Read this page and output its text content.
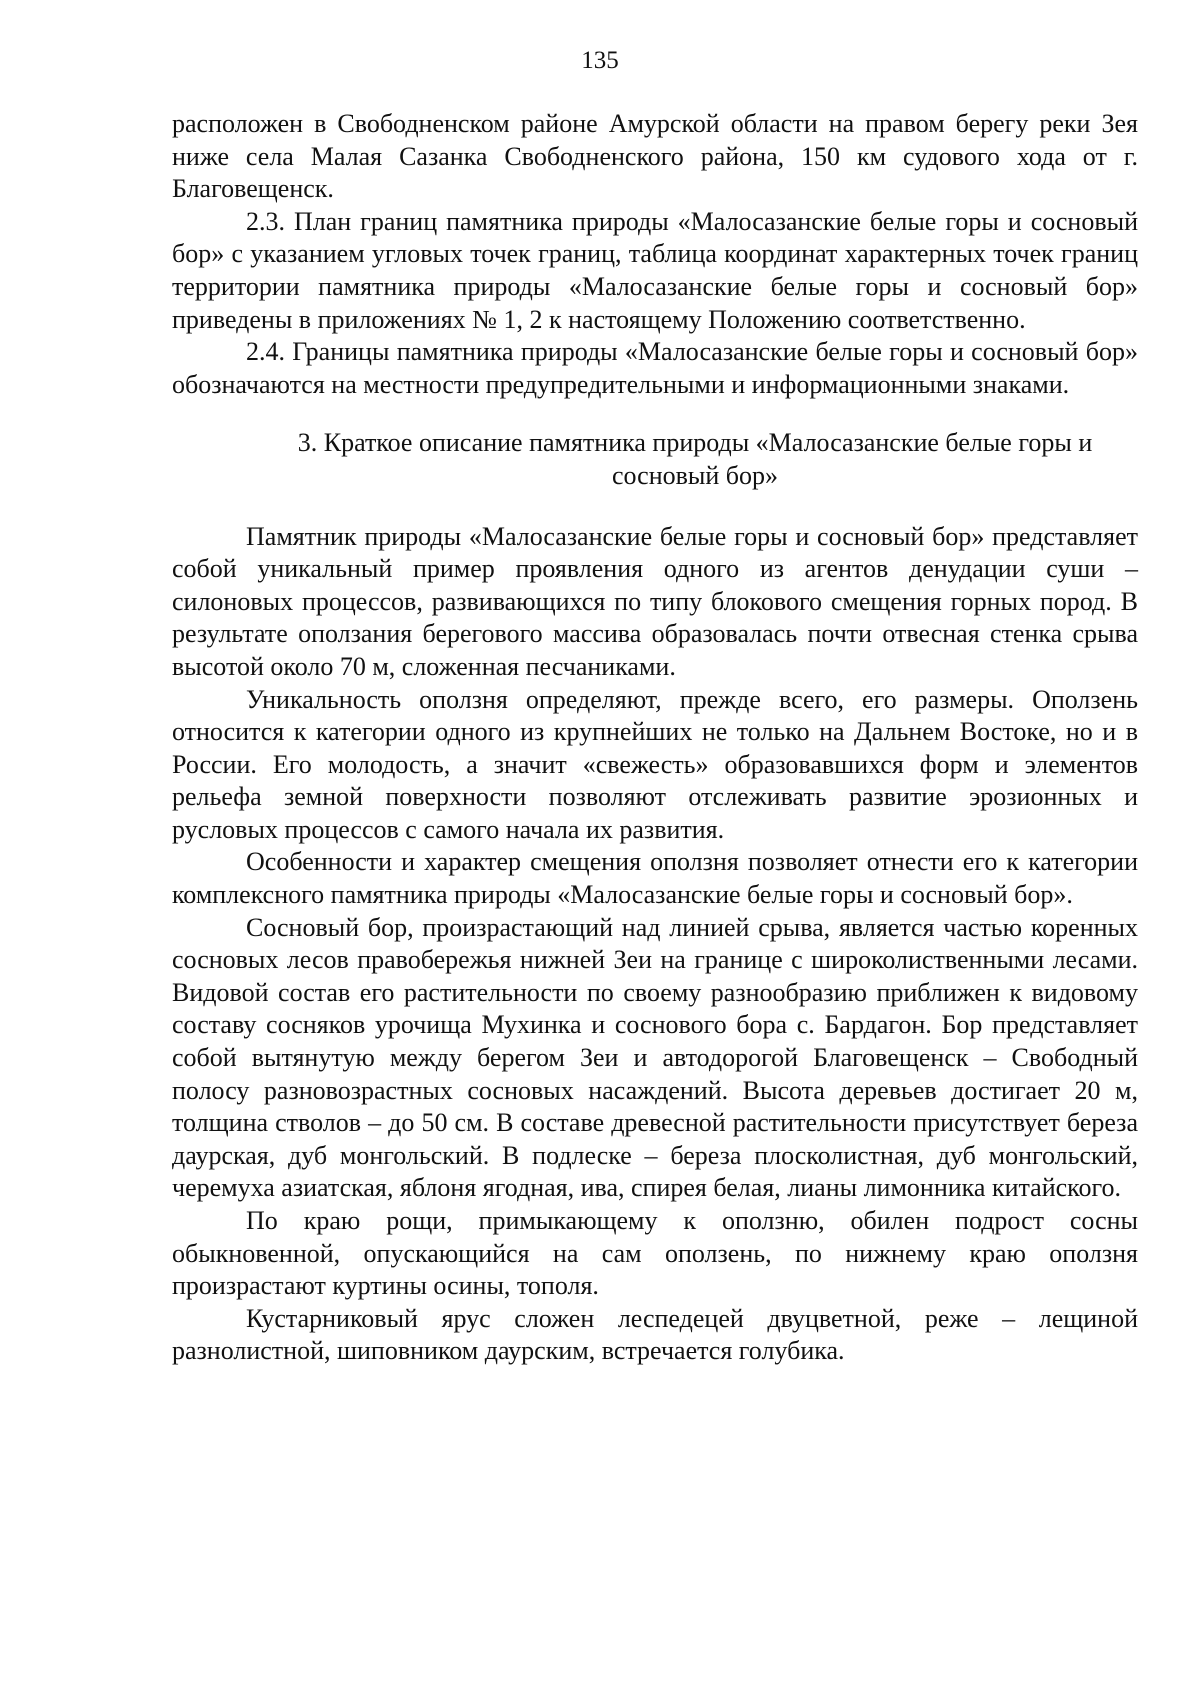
135

расположен в Свободненском районе Амурской области на правом берегу реки Зея ниже села Малая Сазанка Свободненского района, 150 км судового хода от г. Благовещенск.

2.3. План границ памятника природы «Малосазанские белые горы и сосновый бор» с указанием угловых точек границ, таблица координат характерных точек границ территории памятника природы «Малосазанские белые горы и сосновый бор» приведены в приложениях № 1, 2 к настоящему Положению соответственно.

2.4. Границы памятника природы «Малосазанские белые горы и сосновый бор» обозначаются на местности предупредительными и информационными знаками.

3. Краткое описание памятника природы «Малосазанские белые горы и сосновый бор»

Памятник природы «Малосазанские белые горы и сосновый бор» представляет собой уникальный пример проявления одного из агентов денудации суши – силоновых процессов, развивающихся по типу блокового смещения горных пород. В результате оползания берегового массива образовалась почти отвесная стенка срыва высотой около 70 м, сложенная песчаниками.

Уникальность оползня определяют, прежде всего, его размеры. Оползень относится к категории одного из крупнейших не только на Дальнем Востоке, но и в России. Его молодость, а значит «свежесть» образовавшихся форм и элементов рельефа земной поверхности позволяют отслеживать развитие эрозионных и русловых процессов с самого начала их развития.

Особенности и характер смещения оползня позволяет отнести его к категории комплексного памятника природы «Малосазанские белые горы и сосновый бор».

Сосновый бор, произрастающий над линией срыва, является частью коренных сосновых лесов правобережья нижней Зеи на границе с широколиственными лесами. Видовой состав его растительности по своему разнообразию приближен к видовому составу сосняков урочища Мухинка и соснового бора с. Бардагон. Бор представляет собой вытянутую между берегом Зеи и автодорогой Благовещенск – Свободный полосу разновозрастных сосновых насаждений. Высота деревьев достигает 20 м, толщина стволов – до 50 см. В составе древесной растительности присутствует береза даурская, дуб монгольский. В подлеске – береза плосколистная, дуб монгольский, черемуха азиатская, яблоня ягодная, ива, спирея белая, лианы лимонника китайского.

По краю рощи, примыкающему к оползню, обилен подрост сосны обыкновенной, опускающийся на сам оползень, по нижнему краю оползня произрастают куртины осины, тополя.

Кустарниковый ярус сложен леспедецей двуцветной, реже – лещиной разнолистной, шиповником даурским, встречается голубика.
